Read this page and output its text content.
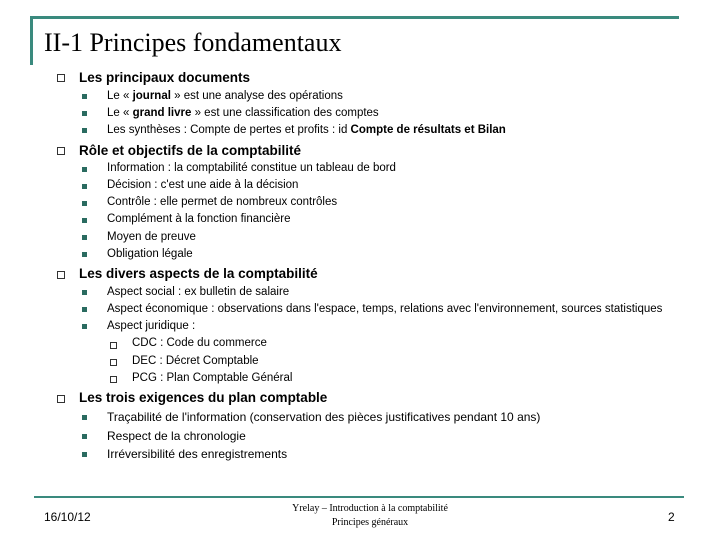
II-1 Principes fondamentaux
Les principaux documents
Le « journal » est une analyse des opérations
Le « grand livre » est une classification des comptes
Les synthèses : Compte de pertes et profits : id Compte de résultats et Bilan
Rôle et objectifs de la comptabilité
Information : la comptabilité constitue un tableau de bord
Décision : c'est une aide à la décision
Contrôle : elle permet de nombreux contrôles
Complément à la fonction financière
Moyen de preuve
Obligation légale
Les divers aspects de la comptabilité
Aspect social : ex bulletin de salaire
Aspect économique : observations dans l'espace, temps, relations avec l'environnement, sources statistiques
Aspect juridique :
CDC : Code du commerce
DEC : Décret Comptable
PCG : Plan Comptable Général
Les trois exigences du plan comptable
Traçabilité de l'information (conservation des pièces justificatives pendant 10 ans)
Respect de la chronologie
Irréversibilité des enregistrements
16/10/12
Yrelay – Introduction à la comptabilité
Principes généraux	2
